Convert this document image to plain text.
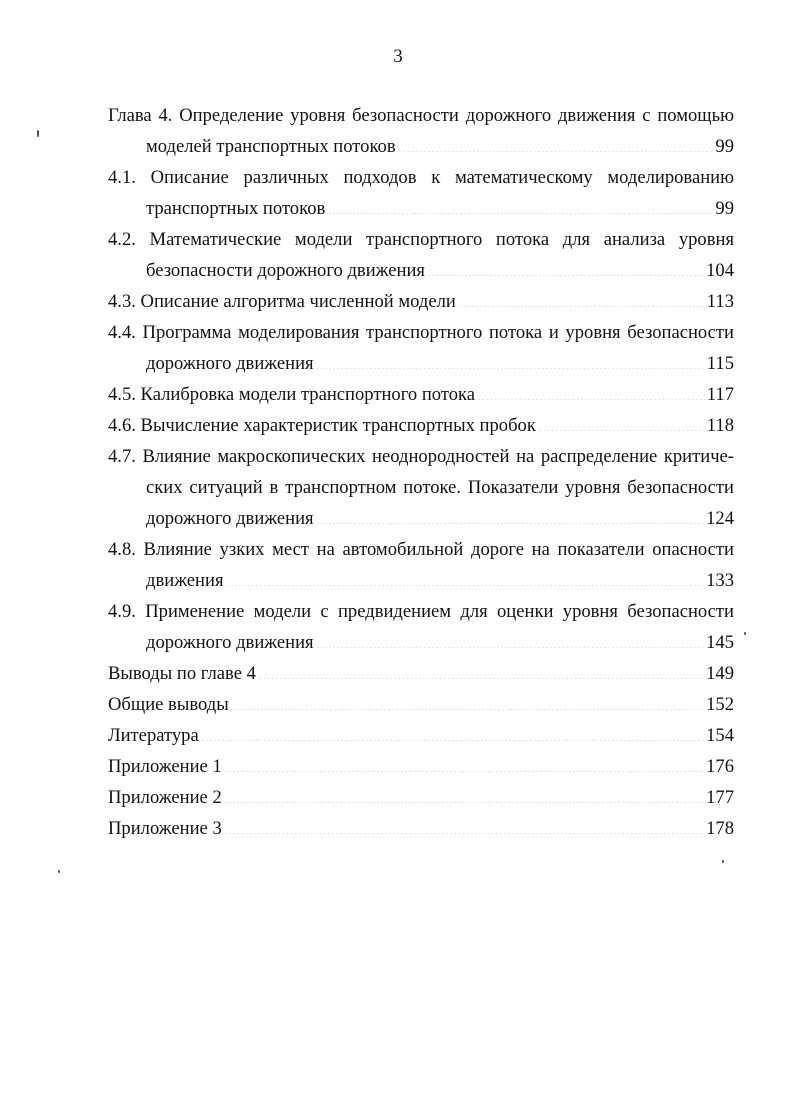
3
Глава 4. Определение уровня безопасности дорожного движения с помощью
моделей транспортных потоков . . .	99
4.1. Описание различных подходов к математическому моделированию
транспортных потоков . . .	99
4.2. Математические модели транспортного потока для анализа уровня
безопасности дорожного движения . . .	104
4.3. Описание алгоритма численной модели . . .	113
4.4. Программа моделирования транспортного потока и уровня безопасности
дорожного движения . . .	115
4.5. Калибровка модели транспортного потока . . .	117
4.6. Вычисление характеристик транспортных пробок . . .	118
4.7. Влияние макроскопических неоднородностей на распределение критиче-
ских ситуаций в транспортном потоке. Показатели уровня безопасности
дорожного движения . . .	124
4.8. Влияние узких мест на автомобильной дороге на показатели опасности
движения . . .	133
4.9. Применение модели с предвидением для оценки уровня безопасности
дорожного движения . . .	145
Выводы по главе 4 . . .	149
Общие выводы . . .	152
Литература . . .	154
Приложение 1 . . .	176
Приложение 2 . . .	177
Приложение 3 . . .	178
